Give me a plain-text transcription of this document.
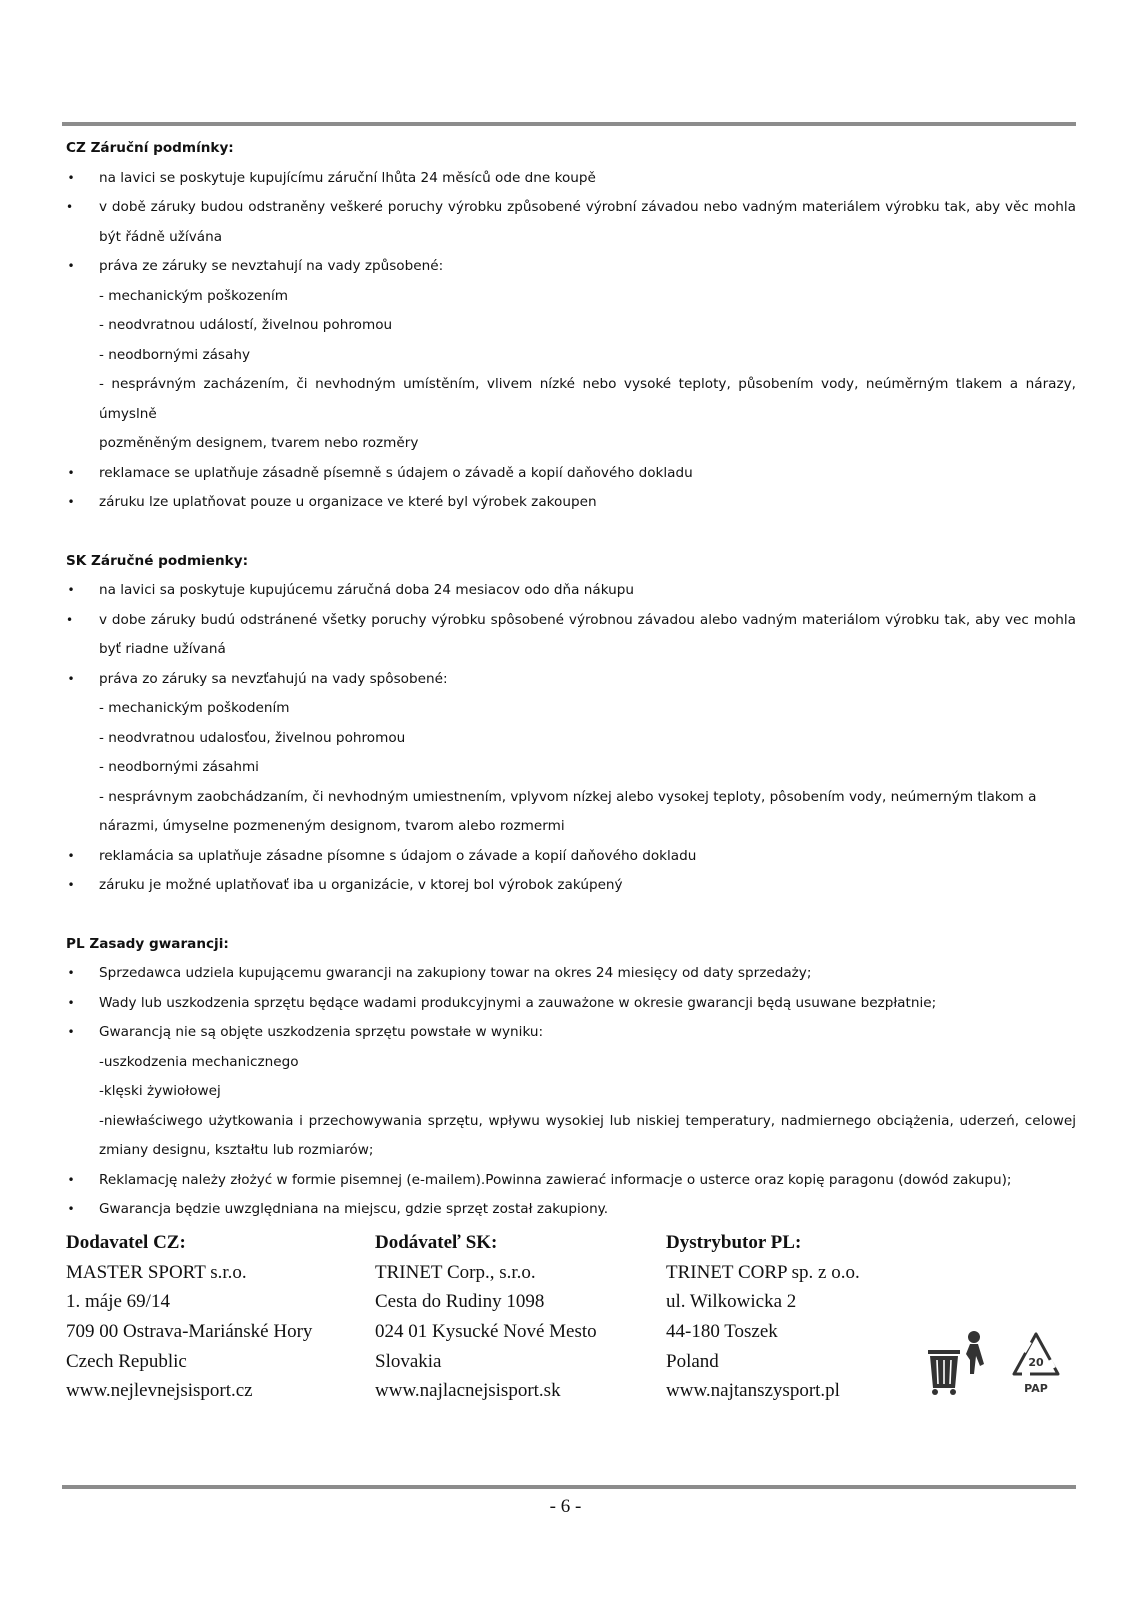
CZ Záruční podmínky:
• na lavici se poskytuje kupujícímu záruční lhůta 24 měsíců ode dne koupě
• v době záruky budou odstraněny veškeré poruchy výrobku způsobené výrobní závadou nebo vadným materiálem výrobku tak, aby věc mohla
být řádně užívána
• práva ze záruky se nevztahují na vady způsobené:
- mechanickým poškozením
- neodvratnou událostí, živelnou pohromou
- neodbornými zásahy
- nesprávným zacházením, či nevhodným umístěním, vlivem nízké nebo vysoké teploty, působením vody, neúměrným tlakem a nárazy, úmyslně
pozměněným designem, tvarem nebo rozměry
• reklamace se uplatňuje zásadně písemně s údajem o závadě a kopií daňového dokladu
• záruku lze uplatňovat pouze u organizace ve které byl výrobek zakoupen
SK Záručné podmienky:
• na lavici sa poskytuje kupujúcemu záručná doba 24 mesiacov odo dňa nákupu
• v dobe záruky budú odstránené všetky poruchy výrobku spôsobené výrobnou závadou alebo vadným materiálom výrobku tak, aby vec mohla
byť riadne užívaná
• práva zo záruky sa nevzťahujú na vady spôsobené:
- mechanickým poškodením
- neodvratnou udalosťou, živelnou pohromou
- neodbornými zásahmi
- nesprávnym zaobchádzaním, či nevhodným umiestnením, vplyvom nízkej alebo vysokej teploty, pôsobením vody, neúmerným tlakom a
nárazmi, úmyselne pozmeneným designom, tvarom alebo rozmermi
• reklamácia sa uplatňuje zásadne písomne s údajom o závade a kopií daňového dokladu
• záruku je možné uplatňovať iba u organizácie, v ktorej bol výrobok zakúpený
PL Zasady gwarancji:
• Sprzedawca udziela kupującemu gwarancji na zakupiony towar na okres 24 miesięcy od daty sprzedaży;
• Wady lub uszkodzenia sprzętu będące wadami produkcyjnymi a zauważone w okresie gwarancji będą usuwane bezpłatnie;
• Gwarancją nie są objęte uszkodzenia sprzętu powstałe w wyniku:
-uszkodzenia mechanicznego
-klęski żywiołowej
-niewłaściwego użytkowania i przechowywania sprzętu, wpływu wysokiej lub niskiej temperatury, nadmiernego obciążenia, uderzeń, celowej
zmiany designu, kształtu lub rozmiarów;
• Reklamację należy złożyć w formie pisemnej (e-mailem).Powinna zawierać informacje o usterce oraz kopię paragonu (dowód zakupu);
• Gwarancja będzie uwzględniana na miejscu, gdzie sprzęt został zakupiony.
Dodavatel CZ:
MASTER SPORT s.r.o.
1. máje 69/14
709 00 Ostrava-Mariánské Hory
Czech Republic
www.nejlevnejsisport.cz
Dodávateľ SK:
TRINET Corp., s.r.o.
Cesta do Rudiny 1098
024 01 Kysucké Nové Mesto
Slovakia
www.najlacnejsisport.sk
Dystrybutor PL:
TRINET CORP sp. z o.o.
ul. Wilkowicka 2
44-180 Toszek
Poland
www.najtanszysport.pl
20
PAP
- 6 -
